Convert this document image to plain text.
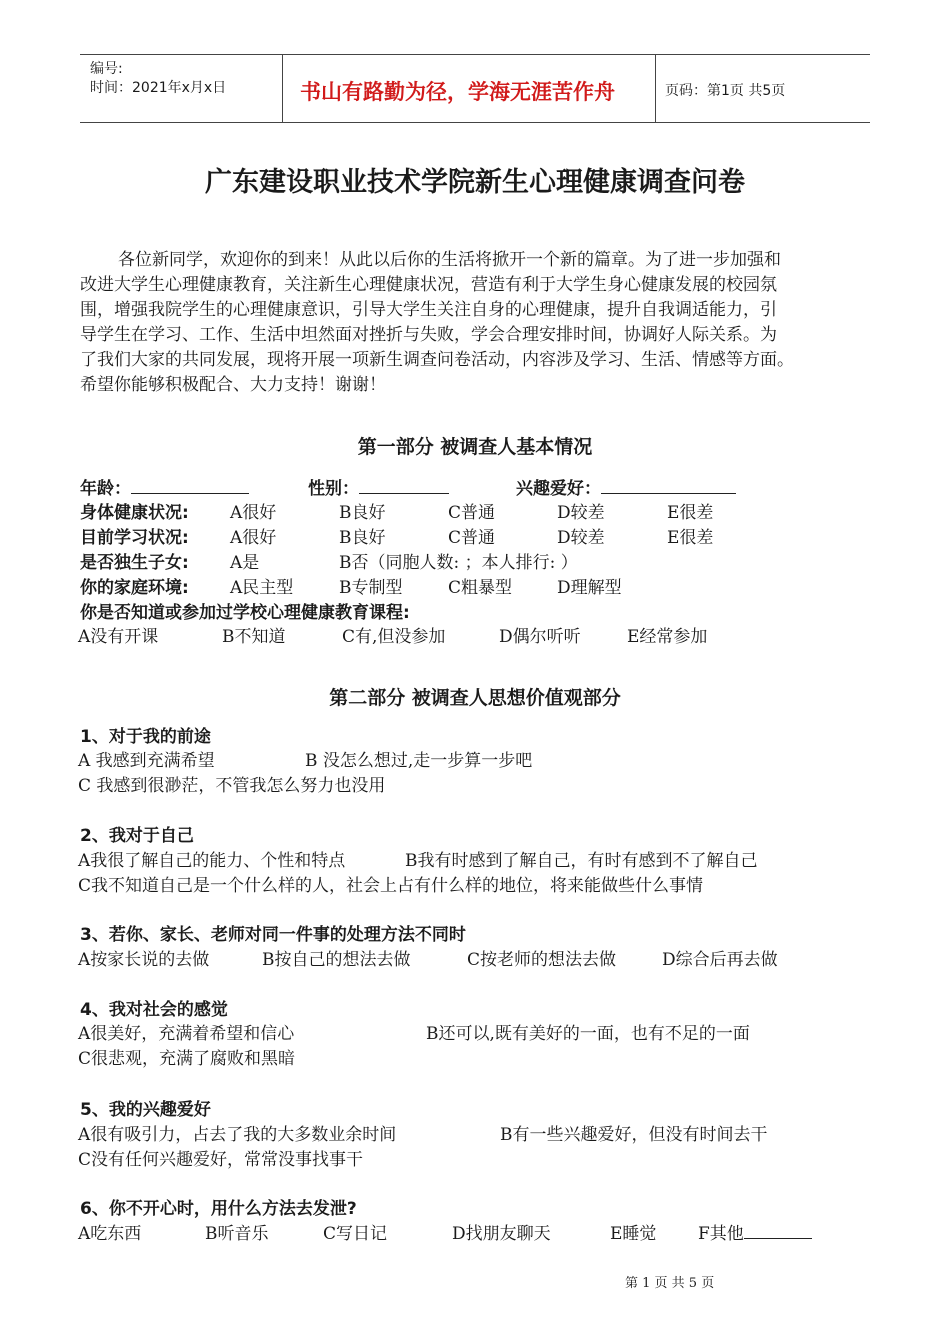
编号:
时间：2021年x月x日	书山有路勤为径，学海无涯苦作舟	页码：第1页 共5页
广东建设职业技术学院新生心理健康调查问卷
各位新同学，欢迎你的到来！从此以后你的生活将掀开一个新的篇章。为了进一步加强和
改进大学生心理健康教育，关注新生心理健康状况，营造有利于大学生身心健康发展的校园氛
围，增强我院学生的心理健康意识，引导大学生关注自身的心理健康，提升自我调适能力，引
导学生在学习、工作、生活中坦然面对挫折与失败，学会合理安排时间，协调好人际关系。为
了我们大家的共同发展，现将开展一项新生调查问卷活动，内容涉及学习、生活、情感等方面。
希望你能够积极配合、大力支持！谢谢！
第一部分 被调查人基本情况
年龄：	性别：	兴趣爱好：
身体健康状况: A很好	B良好	C普通	D较差	E很差
目前学习状况: A很好	B良好	C普通	D较差	E很差
是否独生子女: A是	B否（同胞人数: ；本人排行: ）
你的家庭环境: A民主型	B专制型	C粗暴型	D理解型
你是否知道或参加过学校心理健康教育课程:
A没有开课	B不知道	C有,但没参加	D偶尔听听	E经常参加
第二部分 被调查人思想价值观部分
1、对于我的前途
A 我感到充满希望	B 没怎么想过,走一步算一步吧
C 我感到很渺茫，不管我怎么努力也没用
2、我对于自己
A我很了解自己的能力、个性和特点	B我有时感到了解自己，有时有感到不了解自己
C我不知道自己是一个什么样的人，社会上占有什么样的地位，将来能做些什么事情
3、若你、家长、老师对同一件事的处理方法不同时
A按家长说的去做	B按自己的想法去做	C按老师的想法去做	D综合后再去做
4、我对社会的感觉
A很美好，充满着希望和信心	B还可以,既有美好的一面，也有不足的一面
C很悲观，充满了腐败和黑暗
5、我的兴趣爱好
A很有吸引力，占去了我的大多数业余时间	B有一些兴趣爱好，但没有时间去干
C没有任何兴趣爱好，常常没事找事干
6、你不开心时，用什么方法去发泄?
A吃东西	B听音乐	C写日记	D找朋友聊天	E睡觉 F其他
第 1 页 共 5 页
